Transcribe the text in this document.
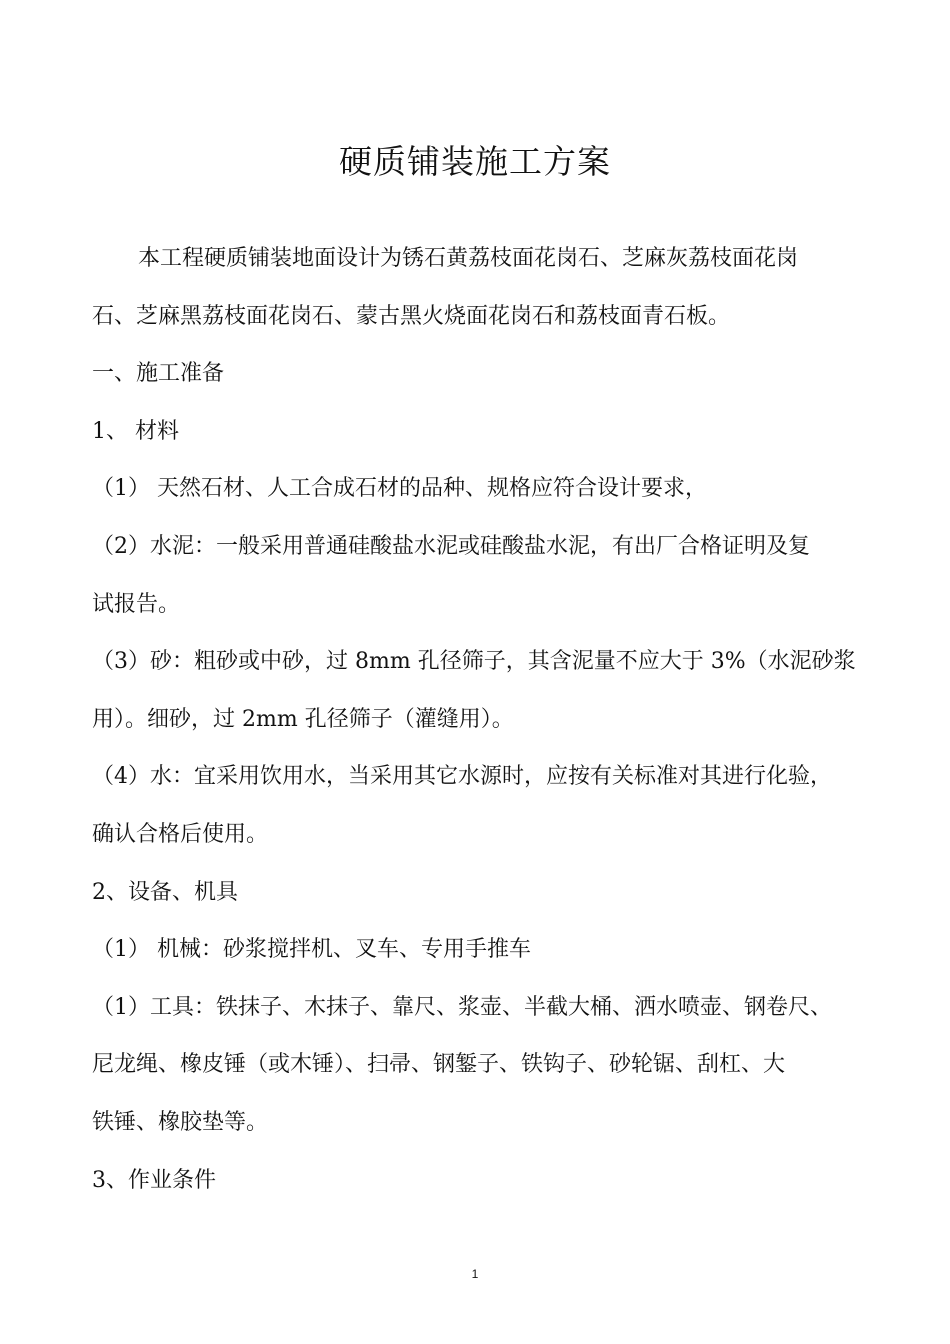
硬质铺装施工方案

本工程硬质铺装地面设计为锈石黄荔枝面花岗石、芝麻灰荔枝面花岗

石、芝麻黑荔枝面花岗石、蒙古黑火烧面花岗石和荔枝面青石板。

一、施工准备

1、 材料

（1） 天然石材、人工合成石材的品种、规格应符合设计要求，

（2）水泥：一般采用普通硅酸盐水泥或硅酸盐水泥，有出厂合格证明及复

试报告。

（3）砂：粗砂或中砂，过 8mm 孔径筛子，其含泥量不应大于 3%（水泥砂浆

用）。细砂，过 2mm 孔径筛子（灌缝用）。

（4）水：宜采用饮用水，当采用其它水源时，应按有关标准对其进行化验，

确认合格后使用。

2、设备、机具

（1） 机械：砂浆搅拌机、叉车、专用手推车

（1）工具：铁抹子、木抹子、靠尺、浆壶、半截大桶、洒水喷壶、钢卷尺、

尼龙绳、橡皮锤（或木锤）、扫帚、钢錾子、铁钩子、砂轮锯、刮杠、大

铁锤、橡胶垫等。

3、作业条件

1
